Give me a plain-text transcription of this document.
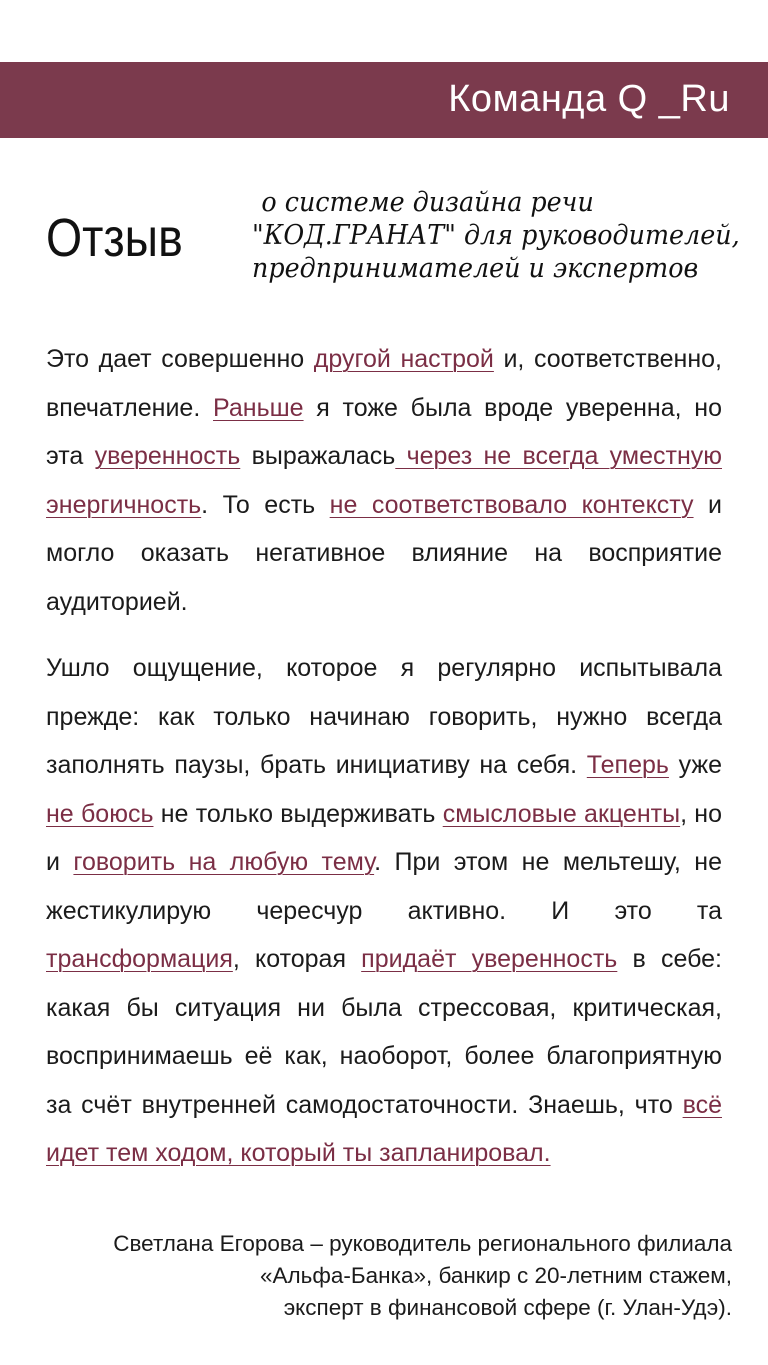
Команда Q _Ru
Отзыв
о системе дизайна речи
"КОД.ГРАНАТ" для руководителей,
предпринимателей и экспертов

Это дает совершенно другой настрой и, соответственно, впечатление. Раньше я тоже была вроде уверенна, но эта уверенность выражалась через не всегда уместную энергичность. То есть не соответствовало контексту и могло оказать негативное влияние на восприятие аудиторией.

Ушло ощущение, которое я регулярно испытывала прежде: как только начинаю говорить, нужно всегда заполнять паузы, брать инициативу на себя. Теперь уже не боюсь не только выдерживать смысловые акценты, но и говорить на любую тему. При этом не мельтешу, не жестикулирую чересчур активно. И это та трансформация, которая придаёт уверенность в себе: какая бы ситуация ни была стрессовая, критическая, воспринимаешь её как, наоборот, более благоприятную за счёт внутренней самодостаточности. Знаешь, что всё идет тем ходом, который ты запланировал.

Светлана Егорова – руководитель регионального филиала
«Альфа-Банка», банкир с 20-летним стажем,
эксперт в финансовой сфере (г. Улан-Удэ).
